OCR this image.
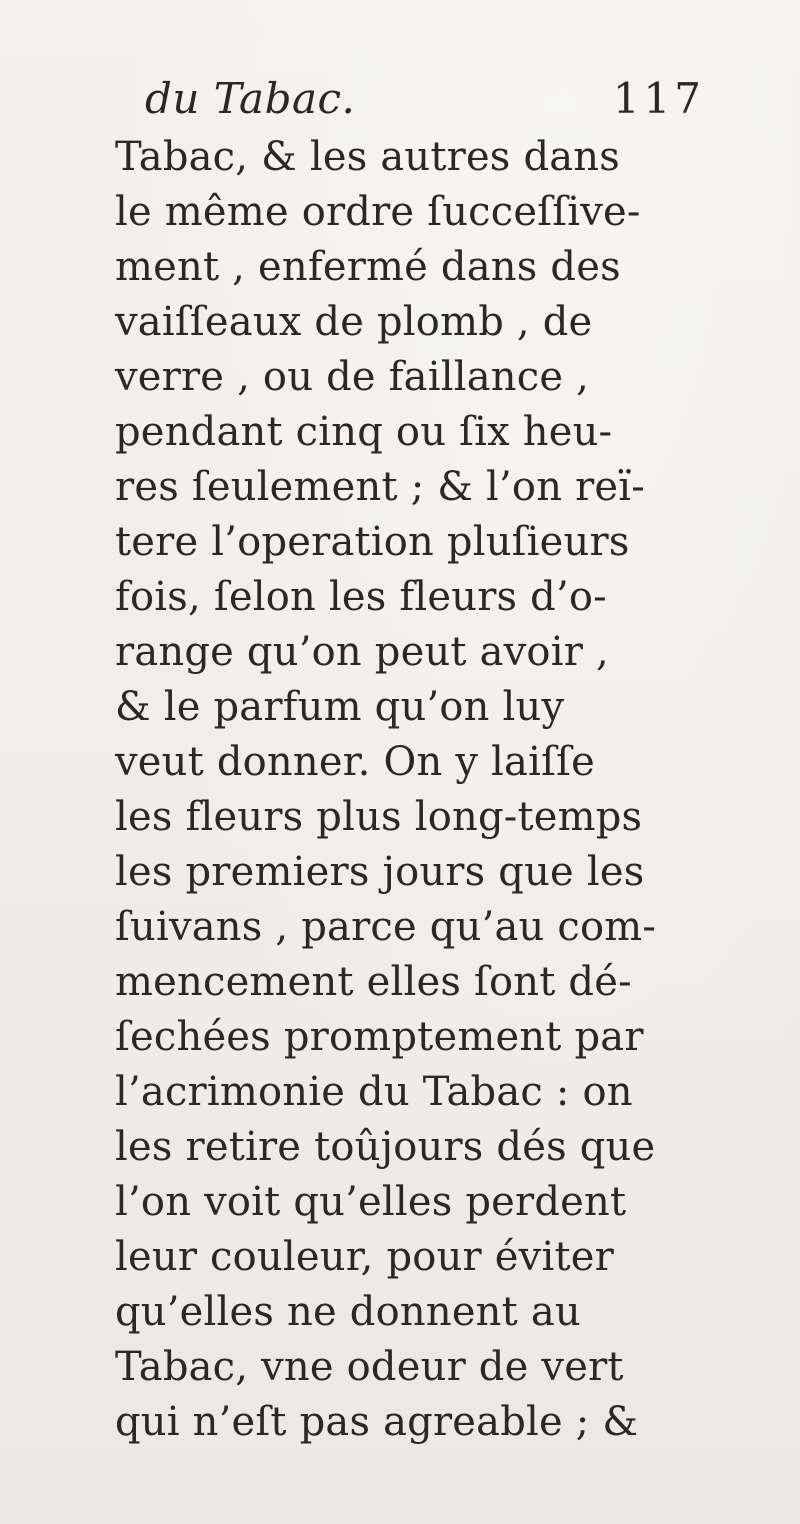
du Tabac.	117
Tabac, & les autres dans
le même ordre ſucceſſive-
ment , enfermé dans des
vaiſſeaux de plomb , de
verre , ou de faillance ,
pendant cinq ou ſix heu-
res ſeulement ; & l’on reï-
tere l’operation pluſieurs
fois, ſelon les fleurs d’o-
range qu’on peut avoir ,
& le parfum qu’on luy
veut donner. On y laiſſe
les fleurs plus long-temps
les premiers jours que les
ſuivans , parce qu’au com-
mencement elles ſont dé-
ſechées promptement par
l’acrimonie du Tabac : on
les retire toûjours dés que
l’on voit qu’elles perdent
leur couleur, pour éviter
qu’elles ne donnent au
Tabac, vne odeur de vert
qui n’eſt pas agreable ; &
